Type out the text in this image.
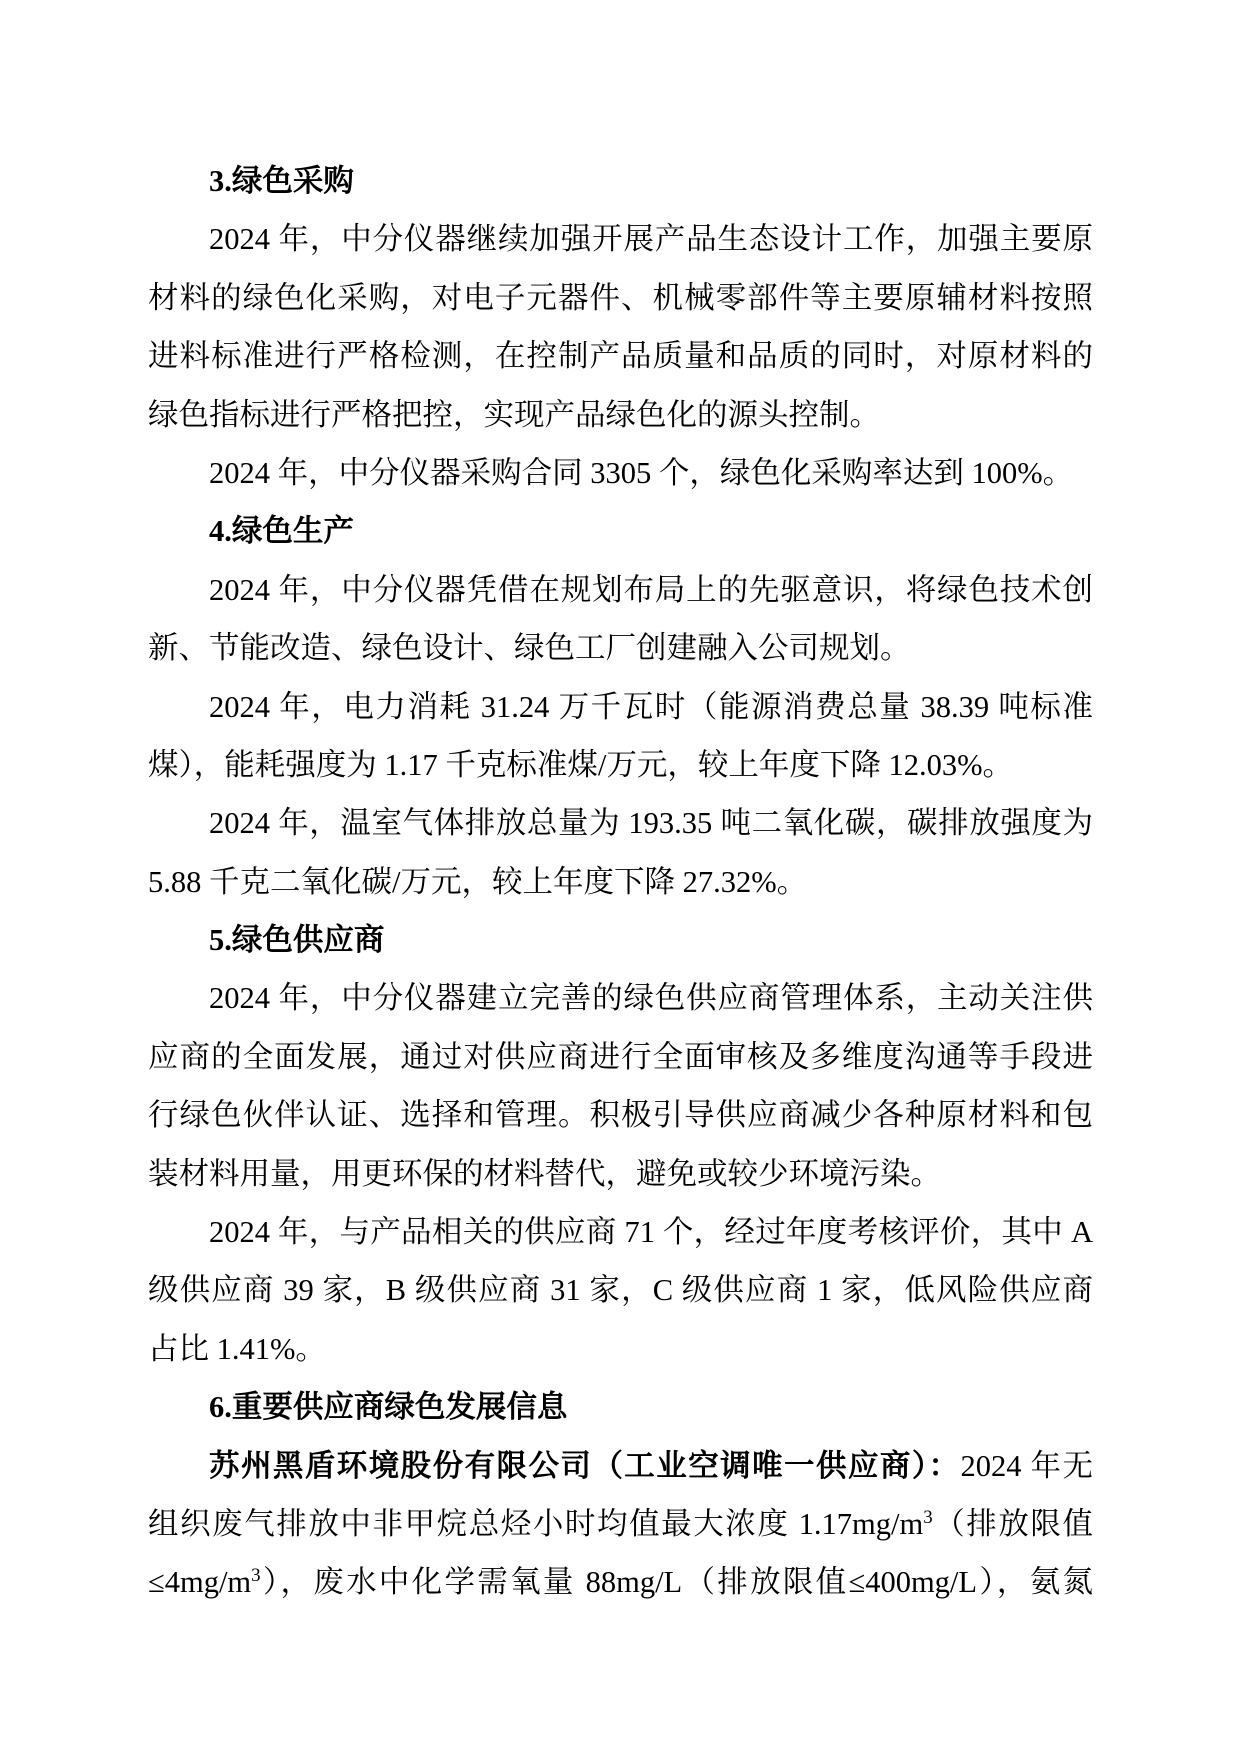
3.绿色采购
2024 年，中分仪器继续加强开展产品生态设计工作，加强主要原
材料的绿色化采购，对电子元器件、机械零部件等主要原辅材料按照
进料标准进行严格检测，在控制产品质量和品质的同时，对原材料的
绿色指标进行严格把控，实现产品绿色化的源头控制。
2024 年，中分仪器采购合同 3305 个，绿色化采购率达到 100%。
4.绿色生产
2024 年，中分仪器凭借在规划布局上的先驱意识，将绿色技术创
新、节能改造、绿色设计、绿色工厂创建融入公司规划。
2024 年，电力消耗 31.24 万千瓦时（能源消费总量 38.39 吨标准
煤），能耗强度为 1.17 千克标准煤/万元，较上年度下降 12.03%。
2024 年，温室气体排放总量为 193.35 吨二氧化碳，碳排放强度为
5.88 千克二氧化碳/万元，较上年度下降 27.32%。
5.绿色供应商
2024 年，中分仪器建立完善的绿色供应商管理体系，主动关注供
应商的全面发展，通过对供应商进行全面审核及多维度沟通等手段进
行绿色伙伴认证、选择和管理。积极引导供应商减少各种原材料和包
装材料用量，用更环保的材料替代，避免或较少环境污染。
2024 年，与产品相关的供应商 71 个，经过年度考核评价，其中 A
级供应商 39 家，B 级供应商 31 家，C 级供应商 1 家，低风险供应商
占比 1.41%。
6.重要供应商绿色发展信息
苏州黑盾环境股份有限公司（工业空调唯一供应商）：2024 年无
组织废气排放中非甲烷总烃小时均值最大浓度 $1.17mg/m^3$（排放限值
$\le 4mg/m^3$），废水中化学需氧量 88mg/L（排放限值≤400mg/L），氨氮
